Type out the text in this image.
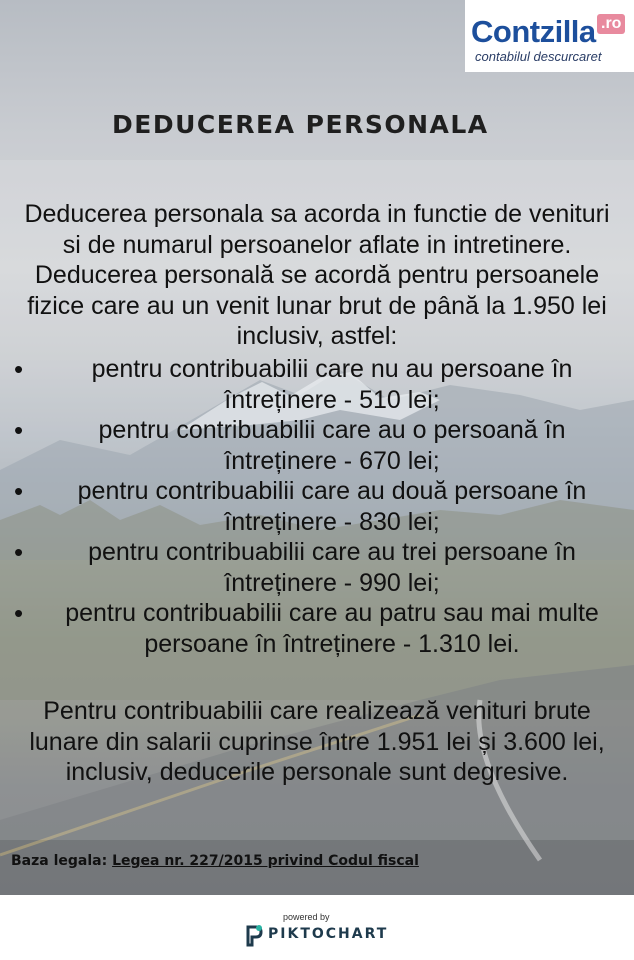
Contzilla .ro
contabilul descurcaret
DEDUCEREA PERSONALA
Deducerea personala sa acorda in functie de venituri
si de numarul persoanelor aflate in intretinere.
Deducerea personală se acordă pentru persoanele
fizice care au un venit lunar brut de până la 1.950 lei
inclusiv, astfel:
• pentru contribuabilii care nu au persoane în întreținere - 510 lei;
• pentru contribuabilii care au o persoană în întreținere - 670 lei;
• pentru contribuabilii care au două persoane în întreținere - 830 lei;
• pentru contribuabilii care au trei persoane în întreținere - 990 lei;
• pentru contribuabilii care au patru sau mai multe persoane în întreținere - 1.310 lei.
Pentru contribuabilii care realizează venituri brute
lunare din salarii cuprinse între 1.951 lei și 3.600 lei,
inclusiv, deducerile personale sunt degresive.
Baza legala: Legea nr. 227/2015 privind Codul fiscal
powered by
PIKTOCHART
